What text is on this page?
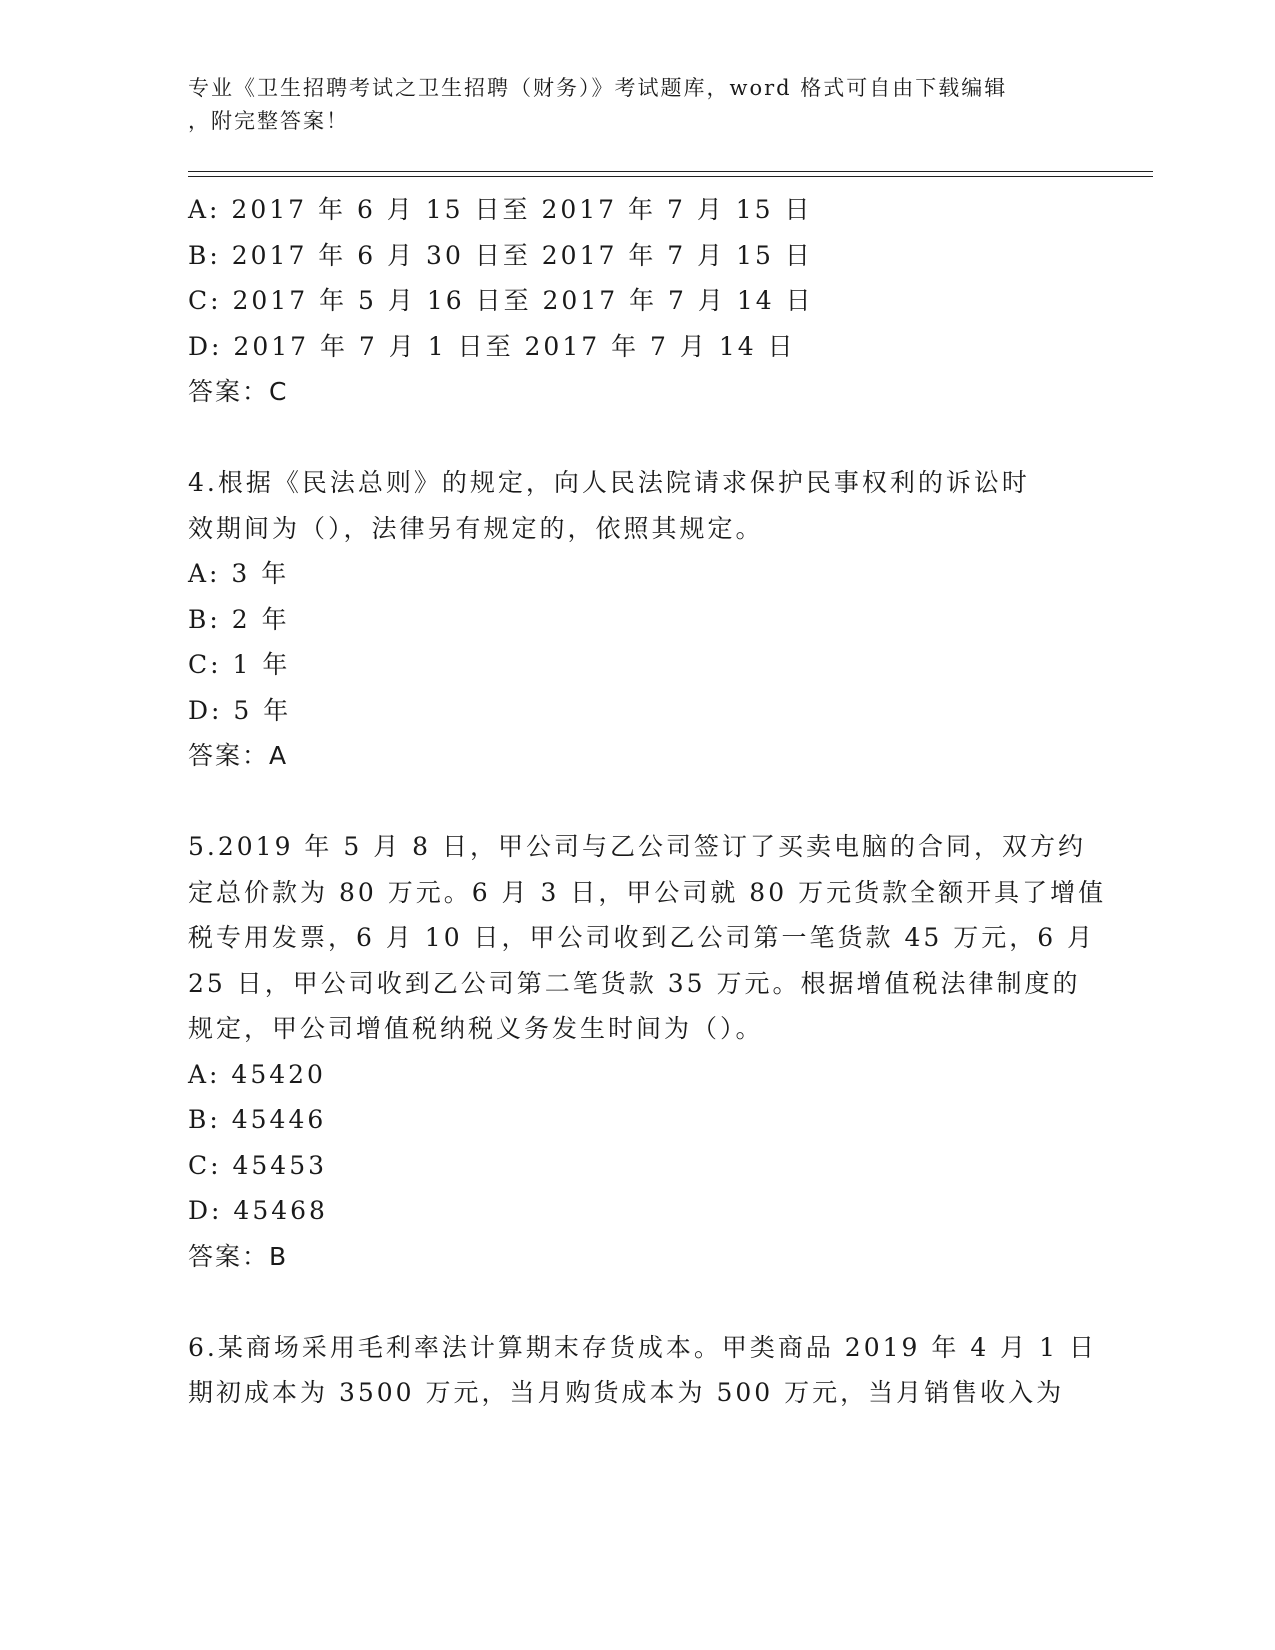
专业《卫生招聘考试之卫生招聘（财务）》考试题库，word 格式可自由下载编辑
，附完整答案！
A: 2017 年 6 月 15 日至 2017 年 7 月 15 日
B: 2017 年 6 月 30 日至 2017 年 7 月 15 日
C: 2017 年 5 月 16 日至 2017 年 7 月 14 日
D: 2017 年 7 月 1 日至 2017 年 7 月 14 日
答案：C
4.根据《民法总则》的规定，向人民法院请求保护民事权利的诉讼时
效期间为（），法律另有规定的，依照其规定。
A: 3 年
B: 2 年
C: 1 年
D: 5 年
答案：A
5.2019 年 5 月 8 日，甲公司与乙公司签订了买卖电脑的合同，双方约
定总价款为 80 万元。6 月 3 日，甲公司就 80 万元货款全额开具了增值
税专用发票，6 月 10 日，甲公司收到乙公司第一笔货款 45 万元，6 月
25 日，甲公司收到乙公司第二笔货款 35 万元。根据增值税法律制度的
规定，甲公司增值税纳税义务发生时间为（）。
A: 45420
B: 45446
C: 45453
D: 45468
答案：B
6.某商场采用毛利率法计算期末存货成本。甲类商品 2019 年 4 月 1 日
期初成本为 3500 万元，当月购货成本为 500 万元，当月销售收入为
